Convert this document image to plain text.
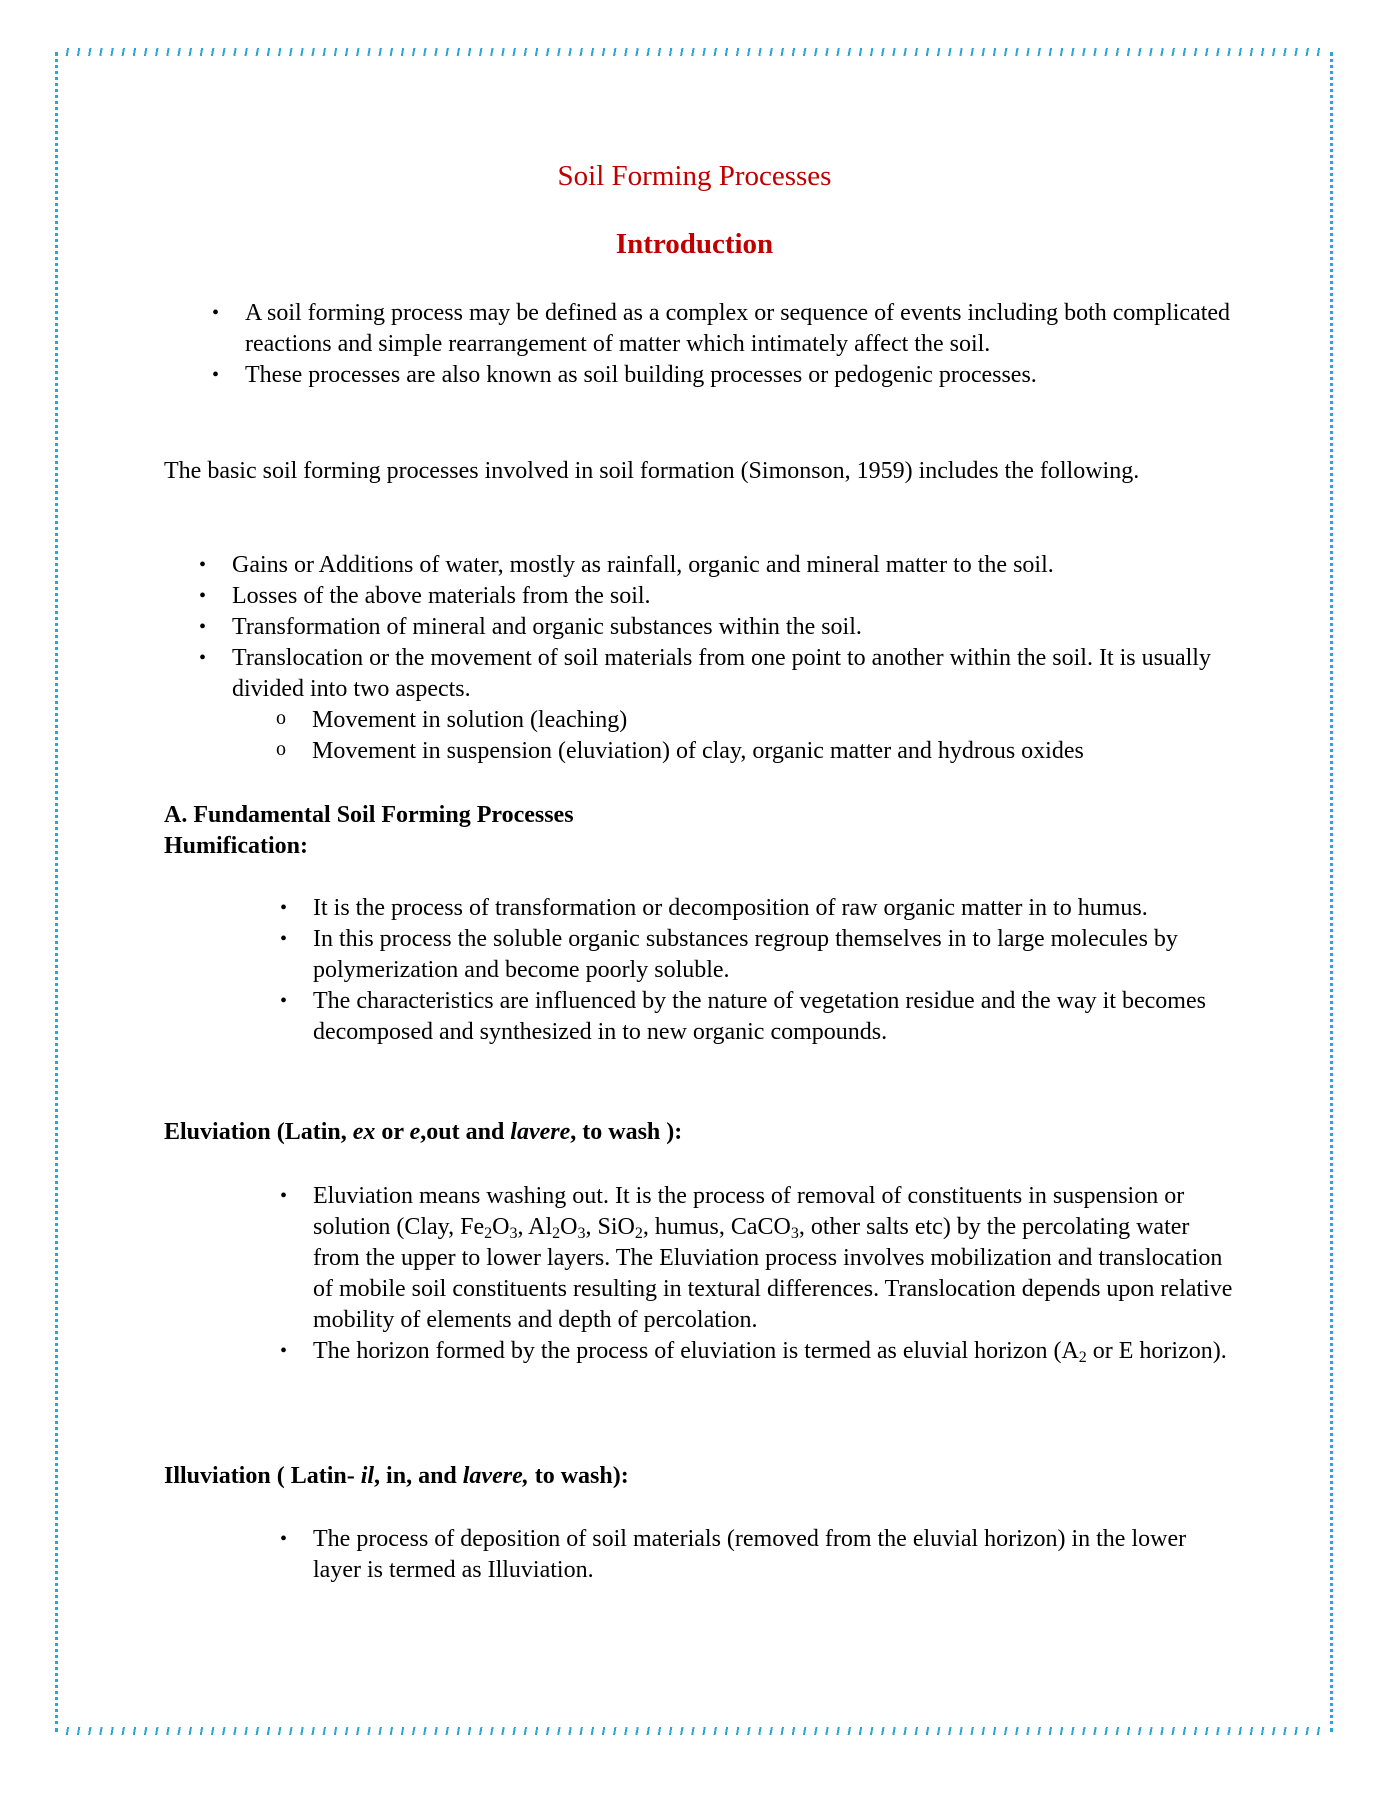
Soil Forming Processes
Introduction
• A soil forming process may be defined as a complex or sequence of events including both complicated reactions and simple rearrangement of matter which intimately affect the soil.
• These processes are also known as soil building processes or pedogenic processes.
The basic soil forming processes involved in soil formation (Simonson, 1959) includes the following.
• Gains or Additions of water, mostly as rainfall, organic and mineral matter to the soil.
• Losses of the above materials from the soil.
• Transformation of mineral and organic substances within the soil.
• Translocation or the movement of soil materials from one point to another within the soil. It is usually divided into two aspects.
o Movement in solution (leaching)
o Movement in suspension (eluviation) of clay, organic matter and hydrous oxides
A. Fundamental Soil Forming Processes
Humification:
• It is the process of transformation or decomposition of raw organic matter in to humus.
• In this process the soluble organic substances regroup themselves in to large molecules by polymerization and become poorly soluble.
• The characteristics are influenced by the nature of vegetation residue and the way it becomes decomposed and synthesized in to new organic compounds.
Eluviation (Latin, ex or e,out and lavere, to wash ):
• Eluviation means washing out. It is the process of removal of constituents in suspension or solution (Clay, $Fe_2O_3$, $Al_2O_3$, SiO$_2$, humus, CaCO$_3$, other salts etc) by the percolating water from the upper to lower layers. The Eluviation process involves mobilization and translocation of mobile soil constituents resulting in textural differences. Translocation depends upon relative mobility of elements and depth of percolation.
• The horizon formed by the process of eluviation is termed as eluvial horizon ($A_2$ or E horizon).
Illuviation ( Latin- il, in, and lavere, to wash):
• The process of deposition of soil materials (removed from the eluvial horizon) in the lower layer is termed as Illuviation.
